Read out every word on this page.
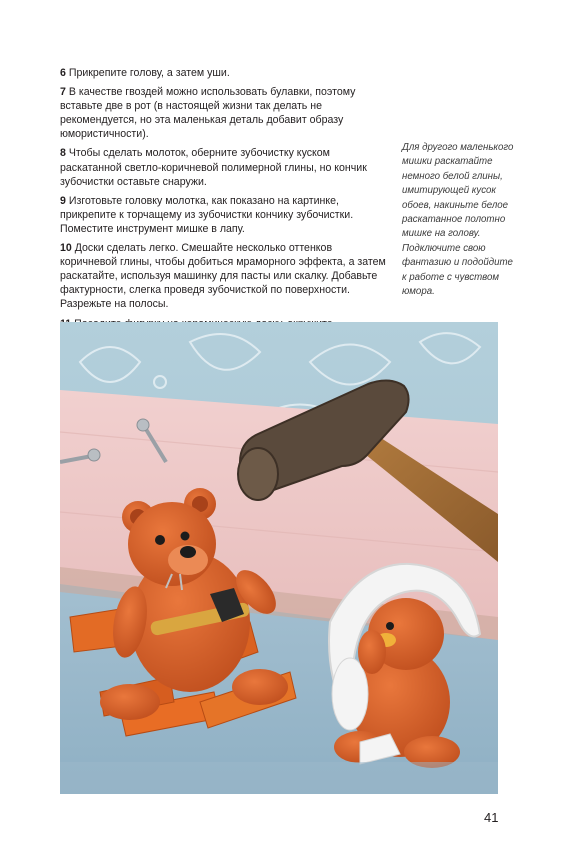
6 Прикрепите голову, а затем уши.

7 В качестве гвоздей можно использовать булавки, поэтому вставьте две в рот (в настоящей жизни так делать не рекомендуется, но эта маленькая деталь добавит образу юмористичности).

8 Чтобы сделать молоток, оберните зубочистку куском раскатанной светло-коричневой полимерной глины, но кончик зубочистки оставьте снаружи.

9 Изготовьте головку молотка, как показано на картинке, прикрепите к торчащему из зубочистки кончику зубочистки. Поместите инструмент мишке в лапу.

10 Доски сделать легко. Смешайте несколько оттенков коричневой глины, чтобы добиться мраморного эффекта, а затем раскатайте, используя машинку для пасты или скалку. Добавьте фактурности, слегка проведя зубочисткой по поверхности. Разрежьте на полосы.

Для другого маленького мишки раскатайте немного белой глины, имитирующей кусок обоев, накиньте белое раскатанное полотно мишке на голову. Подключите свою фантазию и подойдите к работе с чувством юмора.
41
